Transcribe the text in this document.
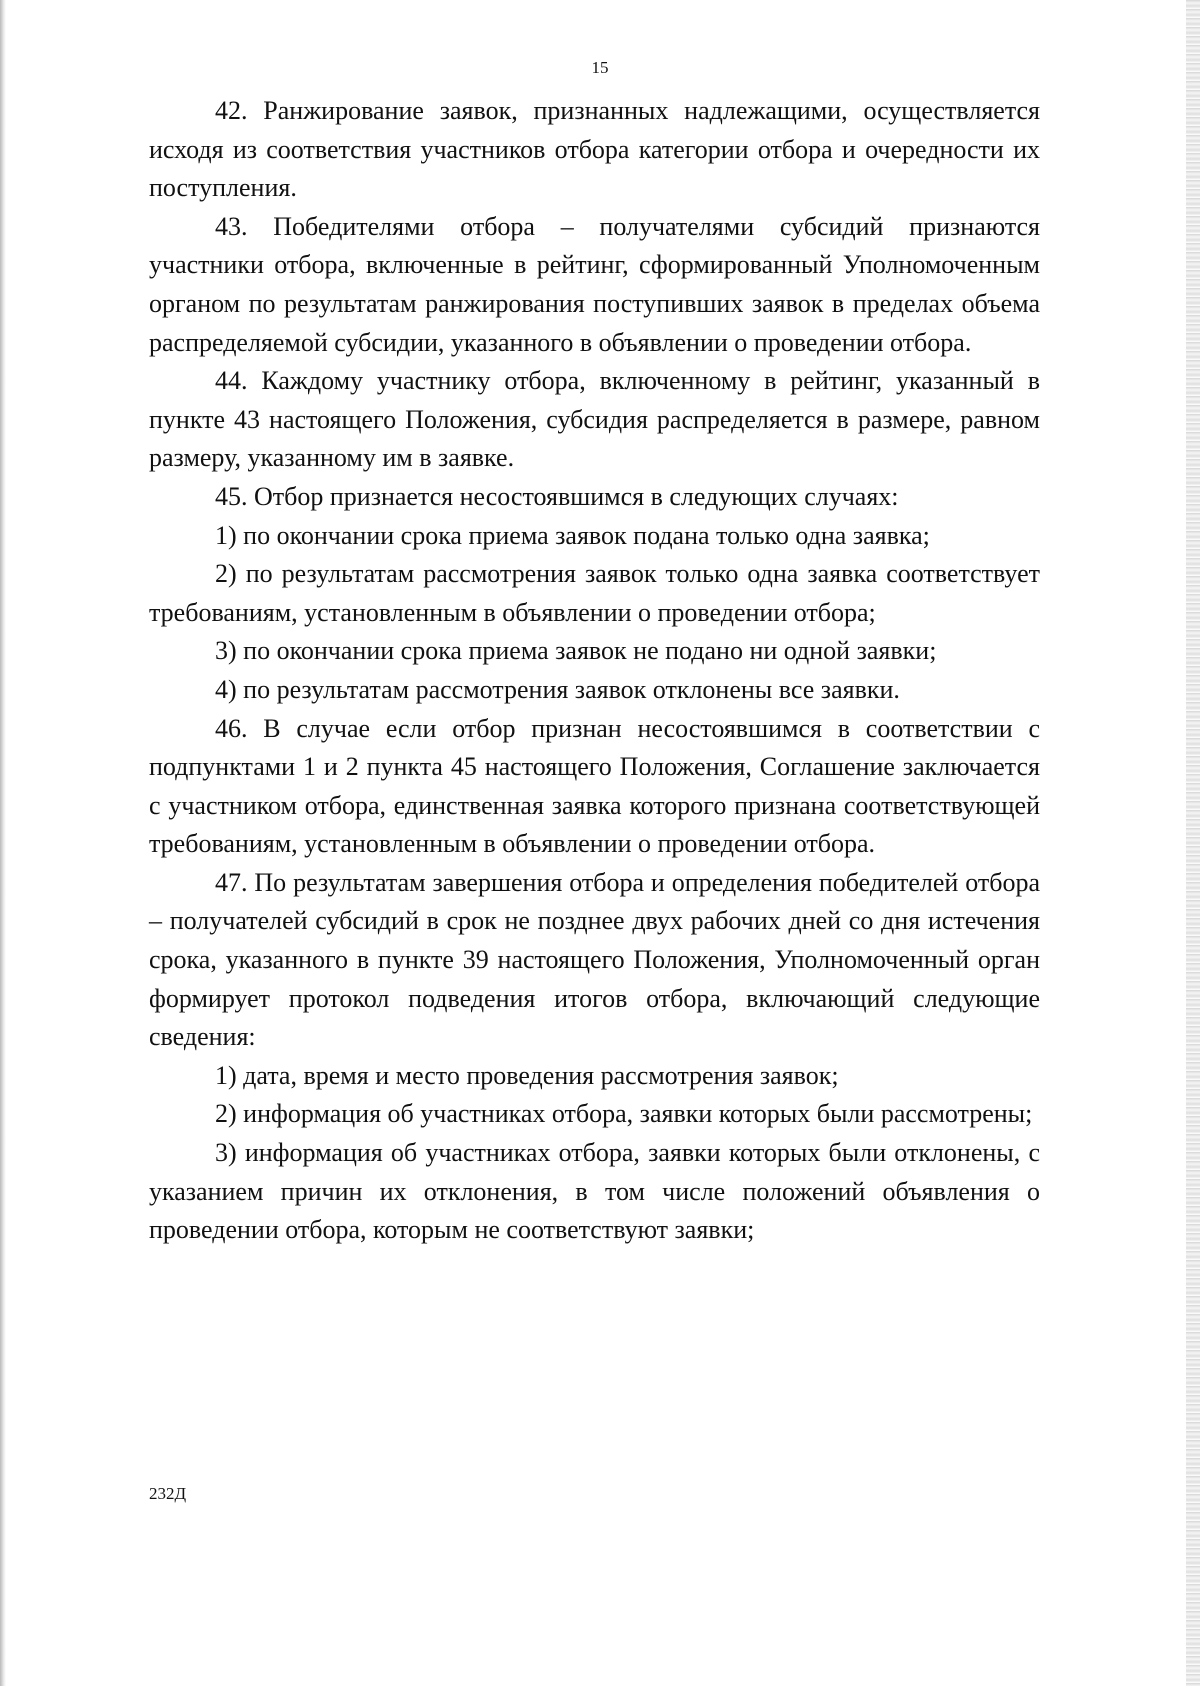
15

42. Ранжирование заявок, признанных надлежащими, осуществляется исходя из соответствия участников отбора категории отбора и очередности их поступления.

43. Победителями отбора – получателями субсидий признаются участники отбора, включенные в рейтинг, сформированный Уполномоченным органом по результатам ранжирования поступивших заявок в пределах объема распределяемой субсидии, указанного в объявлении о проведении отбора.

44. Каждому участнику отбора, включенному в рейтинг, указанный в пункте 43 настоящего Положения, субсидия распределяется в размере, равном размеру, указанному им в заявке.

45. Отбор признается несостоявшимся в следующих случаях:

1) по окончании срока приема заявок подана только одна заявка;

2) по результатам рассмотрения заявок только одна заявка соответствует требованиям, установленным в объявлении о проведении отбора;

3) по окончании срока приема заявок не подано ни одной заявки;

4) по результатам рассмотрения заявок отклонены все заявки.

46. В случае если отбор признан несостоявшимся в соответствии с подпунктами 1 и 2 пункта 45 настоящего Положения, Соглашение заключается с участником отбора, единственная заявка которого признана соответствующей требованиям, установленным в объявлении о проведении отбора.

47. По результатам завершения отбора и определения победителей отбора – получателей субсидий в срок не позднее двух рабочих дней со дня истечения срока, указанного в пункте 39 настоящего Положения, Уполномоченный орган формирует протокол подведения итогов отбора, включающий следующие сведения:

1) дата, время и место проведения рассмотрения заявок;

2) информация об участниках отбора, заявки которых были рассмотрены;

3) информация об участниках отбора, заявки которых были отклонены, с указанием причин их отклонения, в том числе положений объявления о проведении отбора, которым не соответствуют заявки;

232Д
